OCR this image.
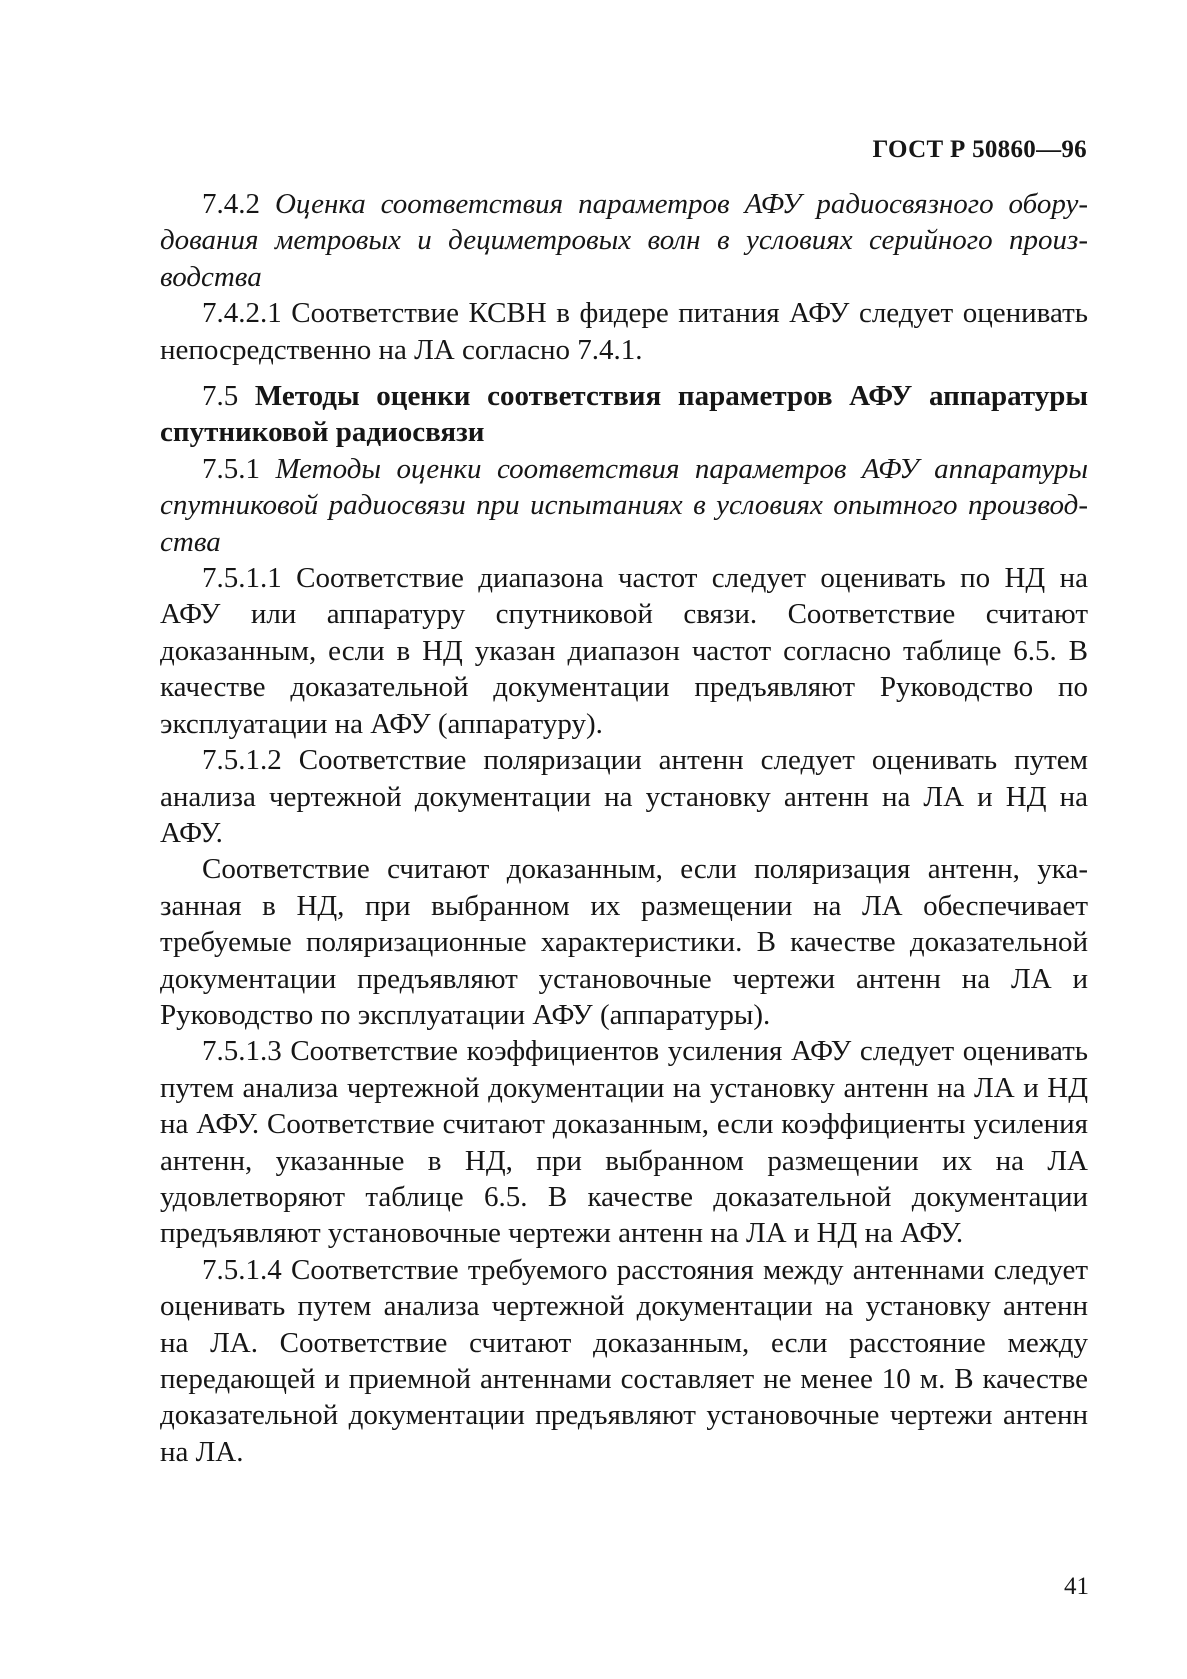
ГОСТ Р 50860—96

7.4.2 Оценка соответствия параметров АФУ радиосвязного оборудования метровых и дециметровых волн в условиях серийного производства

7.4.2.1 Соответствие КСВН в фидере питания АФУ следует оценивать непосредственно на ЛА согласно 7.4.1.

7.5 Методы оценки соответствия параметров АФУ аппаратуры спутниковой радиосвязи

7.5.1 Методы оценки соответствия параметров АФУ аппаратуры спутниковой радиосвязи при испытаниях в условиях опытного производства

7.5.1.1 Соответствие диапазона частот следует оценивать по НД на АФУ или аппаратуру спутниковой связи. Соответствие считают доказанным, если в НД указан диапазон частот согласно таблице 6.5. В качестве доказательной документации предъявляют Руководство по эксплуатации на АФУ (аппаратуру).

7.5.1.2 Соответствие поляризации антенн следует оценивать путем анализа чертежной документации на установку антенн на ЛА и НД на АФУ.

Соответствие считают доказанным, если поляризация антенн, указанная в НД, при выбранном их размещении на ЛА обеспечивает требуемые поляризационные характеристики. В качестве доказательной документации предъявляют установочные чертежи антенн на ЛА и Руководство по эксплуатации АФУ (аппаратуры).

7.5.1.3 Соответствие коэффициентов усиления АФУ следует оценивать путем анализа чертежной документации на установку антенн на ЛА и НД на АФУ. Соответствие считают доказанным, если коэффициенты усиления антенн, указанные в НД, при выбранном размещении их на ЛА удовлетворяют таблице 6.5. В качестве доказательной документации предъявляют установочные чертежи антенн на ЛА и НД на АФУ.

7.5.1.4 Соответствие требуемого расстояния между антеннами следует оценивать путем анализа чертежной документации на установку антенн на ЛА. Соответствие считают доказанным, если расстояние между передающей и приемной антеннами составляет не менее 10 м. В качестве доказательной документации предъявляют установочные чертежи антенн на ЛА.

41
